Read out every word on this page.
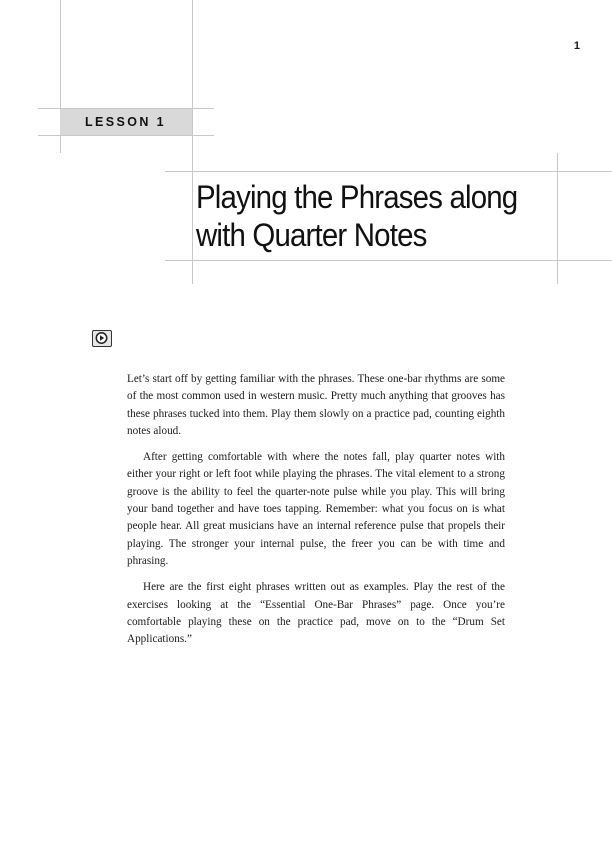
1
LESSON 1
Playing the Phrases along
with Quarter Notes

Let’s start off by getting familiar with the phrases. These one-bar rhythms are some of the most common used in western music. Pretty much anything that grooves has these phrases tucked into them. Play them slowly on a practice pad, counting eighth notes aloud.

After getting comfortable with where the notes fall, play quarter notes with either your right or left foot while playing the phrases. The vital element to a strong groove is the ability to feel the quarter-note pulse while you play. This will bring your band together and have toes tapping. Remember: what you focus on is what people hear. All great musicians have an internal reference pulse that propels their playing. The stronger your internal pulse, the freer you can be with time and phrasing.

Here are the first eight phrases written out as examples. Play the rest of the exercises looking at the “Essential One-Bar Phrases” page. Once you’re comfortable playing these on the practice pad, move on to the “Drum Set Applications.”
